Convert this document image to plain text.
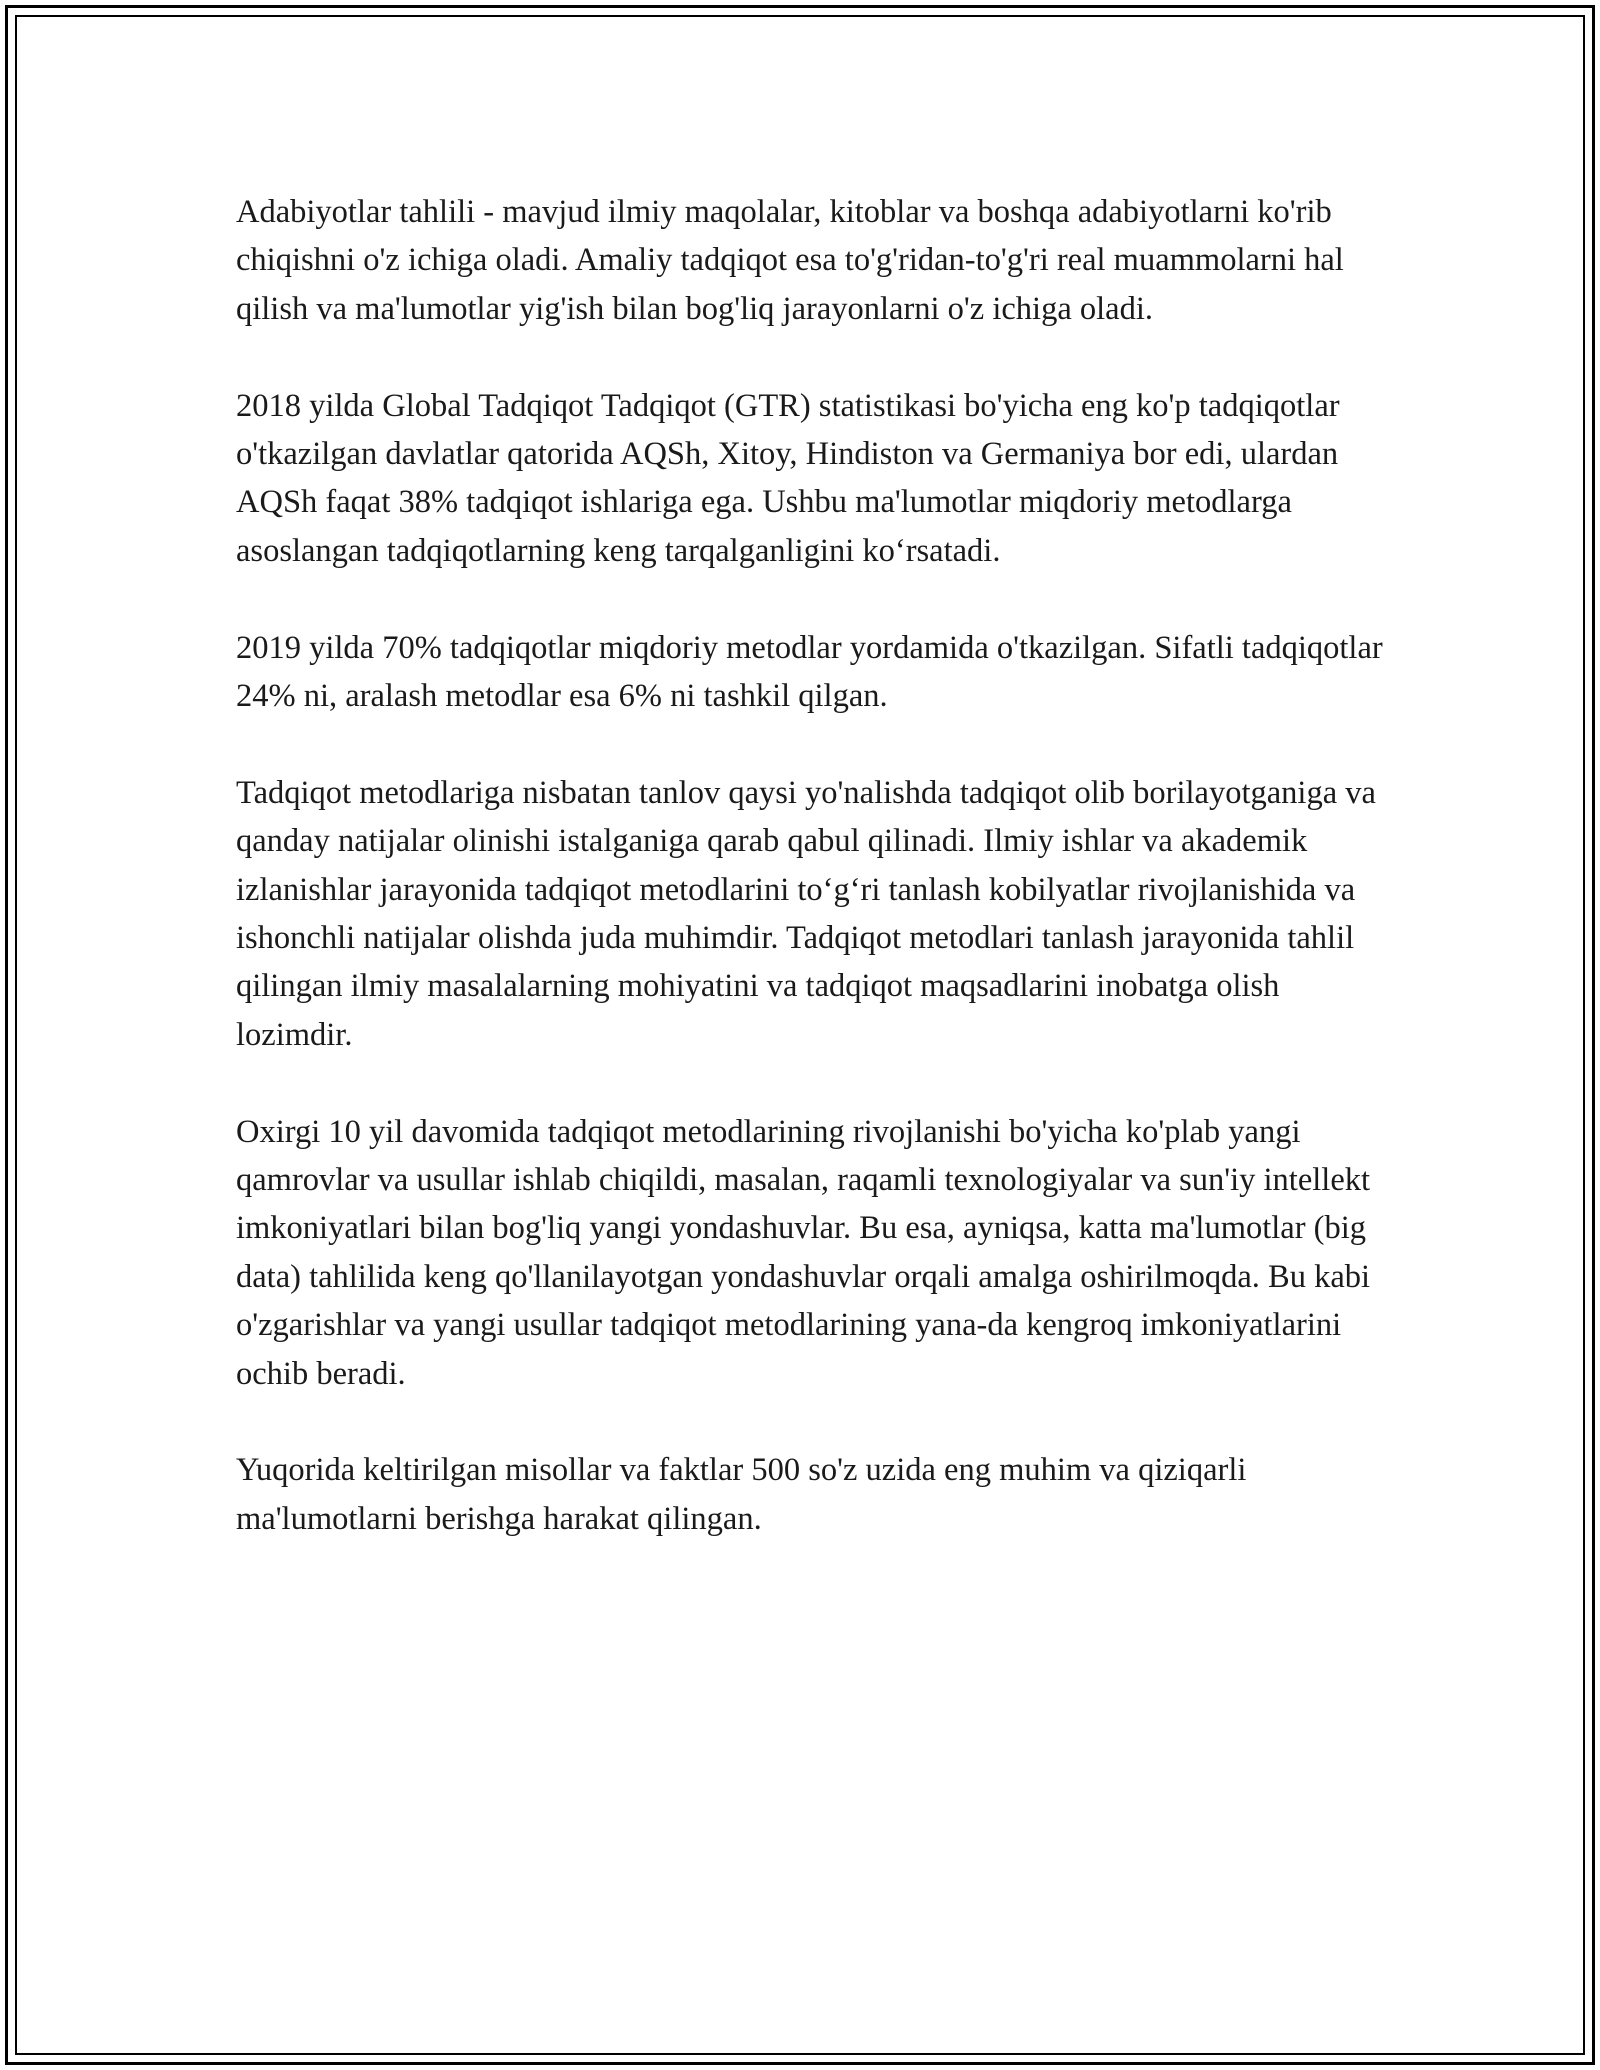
Adabiyotlar tahlili - mavjud ilmiy maqolalar, kitoblar va boshqa adabiyotlarni ko'rib chiqishni o'z ichiga oladi. Amaliy tadqiqot esa to'g'ridan-to'g'ri real muammolarni hal qilish va ma'lumotlar yig'ish bilan bog'liq jarayonlarni o'z ichiga oladi.

2018 yilda Global Tadqiqot Tadqiqot (GTR) statistikasi bo'yicha eng ko'p tadqiqotlar o'tkazilgan davlatlar qatorida AQSh, Xitoy, Hindiston va Germaniya bor edi, ulardan AQSh faqat 38% tadqiqot ishlariga ega. Ushbu ma'lumotlar miqdoriy metodlarga asoslangan tadqiqotlarning keng tarqalganligini ko‘rsatadi.

2019 yilda 70% tadqiqotlar miqdoriy metodlar yordamida o'tkazilgan. Sifatli tadqiqotlar 24% ni, aralash metodlar esa 6% ni tashkil qilgan.

Tadqiqot metodlariga nisbatan tanlov qaysi yo'nalishda tadqiqot olib borilayotganiga va qanday natijalar olinishi istalganiga qarab qabul qilinadi. Ilmiy ishlar va akademik izlanishlar jarayonida tadqiqot metodlarini to‘g‘ri tanlash kobilyatlar rivojlanishida va ishonchli natijalar olishda juda muhimdir. Tadqiqot metodlari tanlash jarayonida tahlil qilingan ilmiy masalalarning mohiyatini va tadqiqot maqsadlarini inobatga olish lozimdir.

Oxirgi 10 yil davomida tadqiqot metodlarining rivojlanishi bo'yicha ko'plab yangi qamrovlar va usullar ishlab chiqildi, masalan, raqamli texnologiyalar va sun'iy intellekt imkoniyatlari bilan bog'liq yangi yondashuvlar. Bu esa, ayniqsa, katta ma'lumotlar (big data) tahlilida keng qo'llanilayotgan yondashuvlar orqali amalga oshirilmoqda. Bu kabi o'zgarishlar va yangi usullar tadqiqot metodlarining yana-da kengroq imkoniyatlarini ochib beradi.

Yuqorida keltirilgan misollar va faktlar 500 so'z uzida eng muhim va qiziqarli ma'lumotlarni berishga harakat qilingan.
